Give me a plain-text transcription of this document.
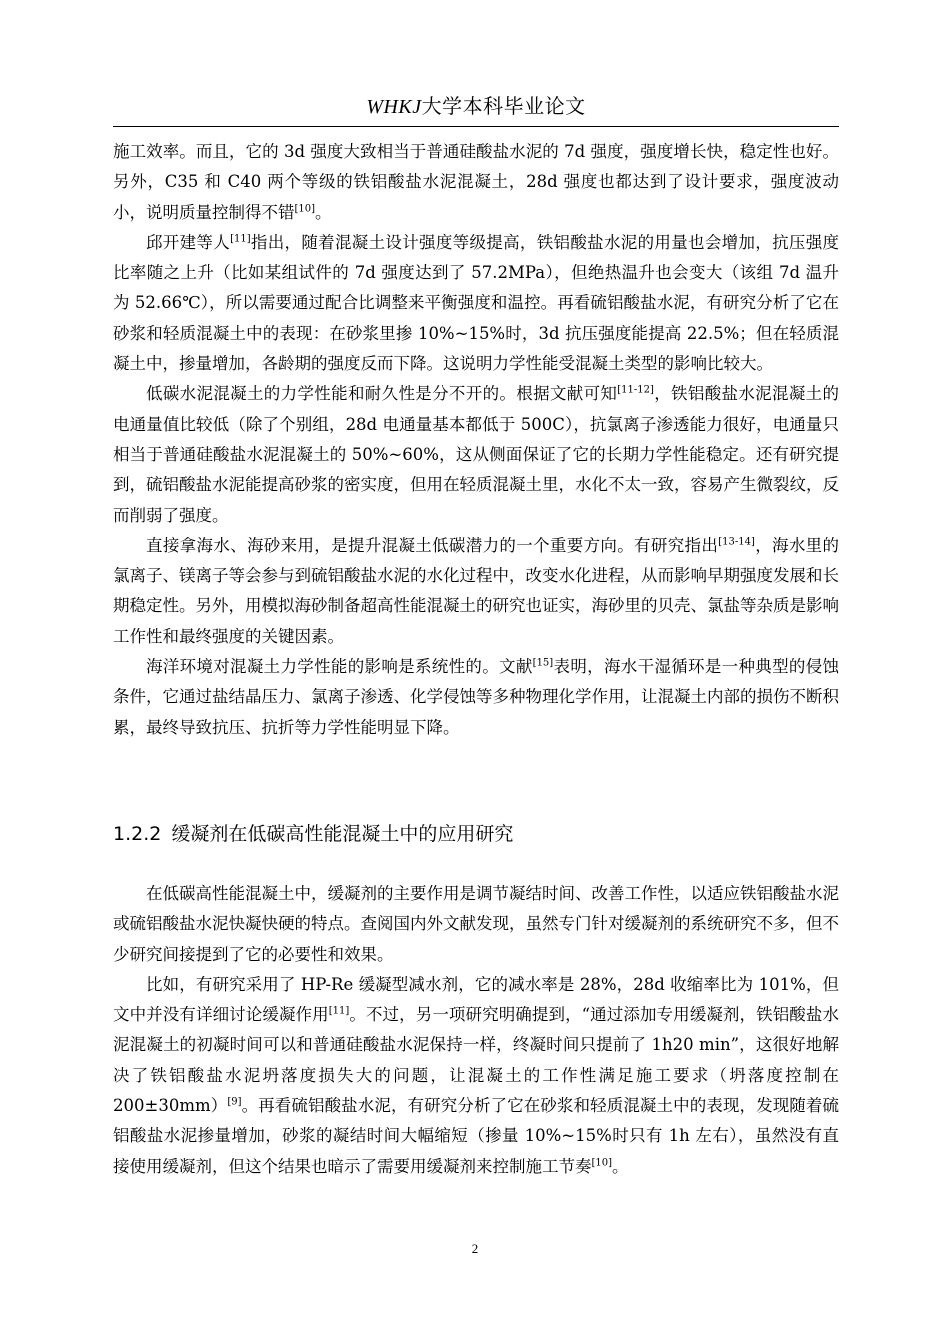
WHKJ大学本科毕业论文

施工效率。而且，它的 3d 强度大致相当于普通硅酸盐水泥的 7d 强度，强度增长快，稳定性也好。另外，C35 和 C40 两个等级的铁铝酸盐水泥混凝土，28d 强度也都达到了设计要求，强度波动小，说明质量控制得不错[10]。

邱开建等人[11]指出，随着混凝土设计强度等级提高，铁铝酸盐水泥的用量也会增加，抗压强度比率随之上升（比如某组试件的 7d 强度达到了 57.2MPa），但绝热温升也会变大（该组 7d 温升为 52.66℃），所以需要通过配合比调整来平衡强度和温控。再看硫铝酸盐水泥，有研究分析了它在砂浆和轻质混凝土中的表现：在砂浆里掺 10%~15%时，3d 抗压强度能提高 22.5%；但在轻质混凝土中，掺量增加，各龄期的强度反而下降。这说明力学性能受混凝土类型的影响比较大。

低碳水泥混凝土的力学性能和耐久性是分不开的。根据文献可知[11-12]，铁铝酸盐水泥混凝土的电通量值比较低（除了个别组，28d 电通量基本都低于 500C），抗氯离子渗透能力很好，电通量只相当于普通硅酸盐水泥混凝土的 50%~60%，这从侧面保证了它的长期力学性能稳定。还有研究提到，硫铝酸盐水泥能提高砂浆的密实度，但用在轻质混凝土里，水化不太一致，容易产生微裂纹，反而削弱了强度。

直接拿海水、海砂来用，是提升混凝土低碳潜力的一个重要方向。有研究指出[13-14]，海水里的氯离子、镁离子等会参与到硫铝酸盐水泥的水化过程中，改变水化进程，从而影响早期强度发展和长期稳定性。另外，用模拟海砂制备超高性能混凝土的研究也证实，海砂里的贝壳、氯盐等杂质是影响工作性和最终强度的关键因素。

海洋环境对混凝土力学性能的影响是系统性的。文献[15]表明，海水干湿循环是一种典型的侵蚀条件，它通过盐结晶压力、氯离子渗透、化学侵蚀等多种物理化学作用，让混凝土内部的损伤不断积累，最终导致抗压、抗折等力学性能明显下降。

1.2.2 缓凝剂在低碳高性能混凝土中的应用研究

在低碳高性能混凝土中，缓凝剂的主要作用是调节凝结时间、改善工作性，以适应铁铝酸盐水泥或硫铝酸盐水泥快凝快硬的特点。查阅国内外文献发现，虽然专门针对缓凝剂的系统研究不多，但不少研究间接提到了它的必要性和效果。

比如，有研究采用了 HP-Re 缓凝型减水剂，它的减水率是 28%，28d 收缩率比为 101%，但文中并没有详细讨论缓凝作用[11]。不过，另一项研究明确提到，“通过添加专用缓凝剂，铁铝酸盐水泥混凝土的初凝时间可以和普通硅酸盐水泥保持一样，终凝时间只提前了 1h20 min”，这很好地解决了铁铝酸盐水泥坍落度损失大的问题，让混凝土的工作性满足施工要求（坍落度控制在 200±30mm）[9]。再看硫铝酸盐水泥，有研究分析了它在砂浆和轻质混凝土中的表现，发现随着硫铝酸盐水泥掺量增加，砂浆的凝结时间大幅缩短（掺量 10%~15%时只有 1h 左右），虽然没有直接使用缓凝剂，但这个结果也暗示了需要用缓凝剂来控制施工节奏[10]。

2
